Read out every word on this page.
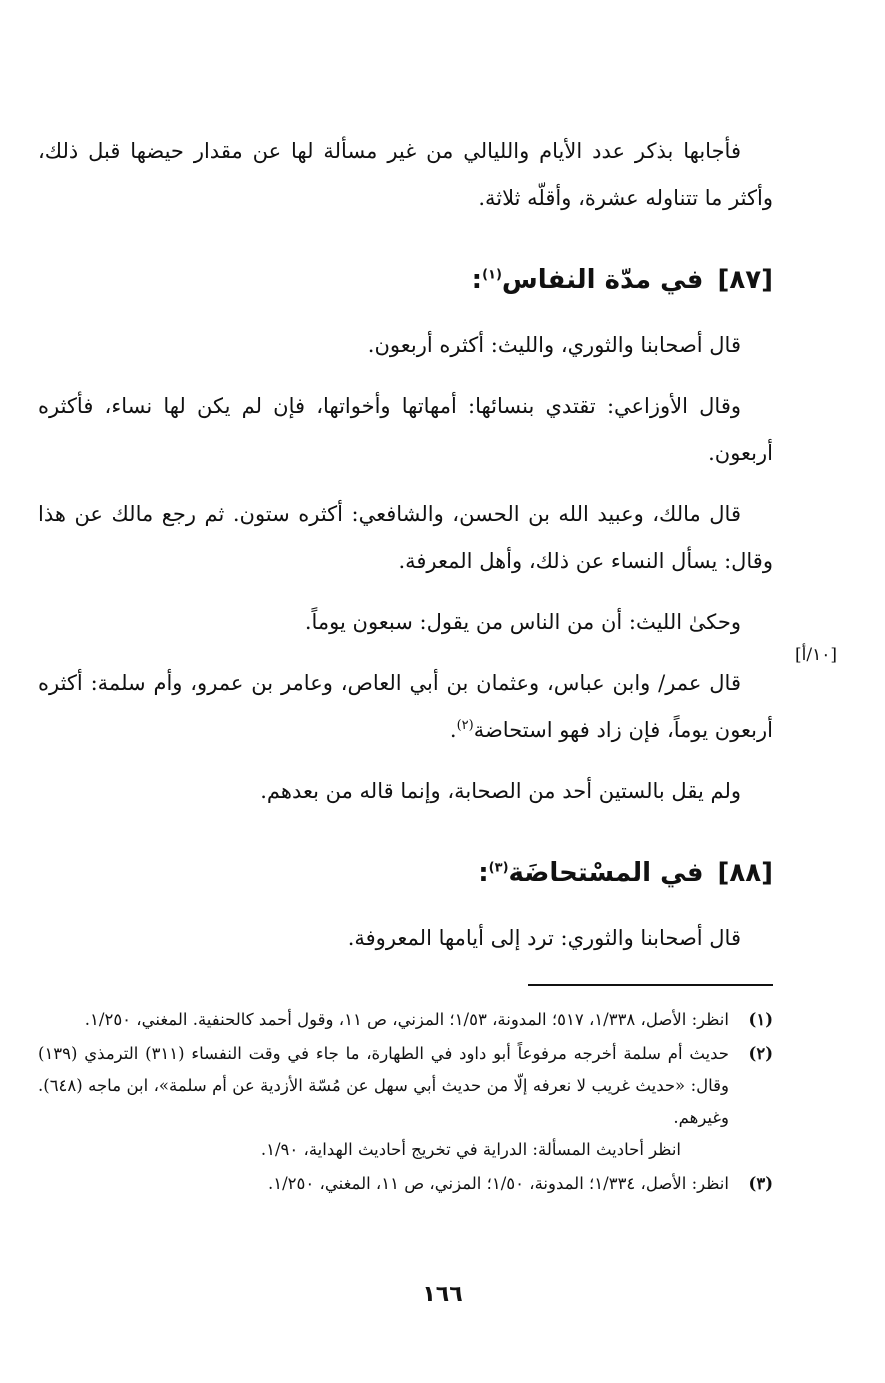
فأجابها بذكر عدد الأيام والليالي من غير مسألة لها عن مقدار حيضها قبل ذلك، وأكثر ما تتناوله عشرة، وأقلّه ثلاثة.

[٨٧]في مدّة النفاس$^{(١)}$:

قال أصحابنا والثوري، والليث: أكثره أربعون.

وقال الأوزاعي: تقتدي بنسائها: أمهاتها وأخواتها، فإن لم يكن لها نساء، فأكثره أربعون.

قال مالك، وعبيد الله بن الحسن، والشافعي: أكثره ستون. ثم رجع مالك عن هذا وقال: يسأل النساء عن ذلك، وأهل المعرفة.

وحكىٰ الليث: أن من الناس من يقول: سبعون يوماً.

قال عمر/ وابن عباس، وعثمان بن أبي العاص، وعامر بن عمرو، وأم سلمة: أكثره أربعون يوماً، فإن زاد فهو استحاضة$^{(٢)}$.

ولم يقل بالستين أحد من الصحابة، وإنما قاله من بعدهم.

[٨٨]في المسْتحاضَة$^{(٣)}$:

قال أصحابنا والثوري: ترد إلى أيامها المعروفة.

[١٠/أ]
(١)
انظر: الأصل، ١/٣٣٨، ٥١٧؛ المدونة، ١/٥٣؛ المزني، ص ١١، وقول أحمد كالحنفية. المغني، ١/٢٥٠.
(٢)
حديث أم سلمة أخرجه مرفوعاً أبو داود في الطهارة، ما جاء في وقت النفساء (٣١١) الترمذي (١٣٩) وقال: «حديث غريب لا نعرفه إلّا من حديث أبي سهل عن مُسّة الأزدية عن أم سلمة»، ابن ماجه (٦٤٨). وغيرهم.
انظر أحاديث المسألة: الدراية في تخريج أحاديث الهداية، ١/٩٠.
(٣)
انظر: الأصل، ١/٣٣٤؛ المدونة، ١/٥٠؛ المزني، ص ١١، المغني، ١/٢٥٠.
١٦٦
